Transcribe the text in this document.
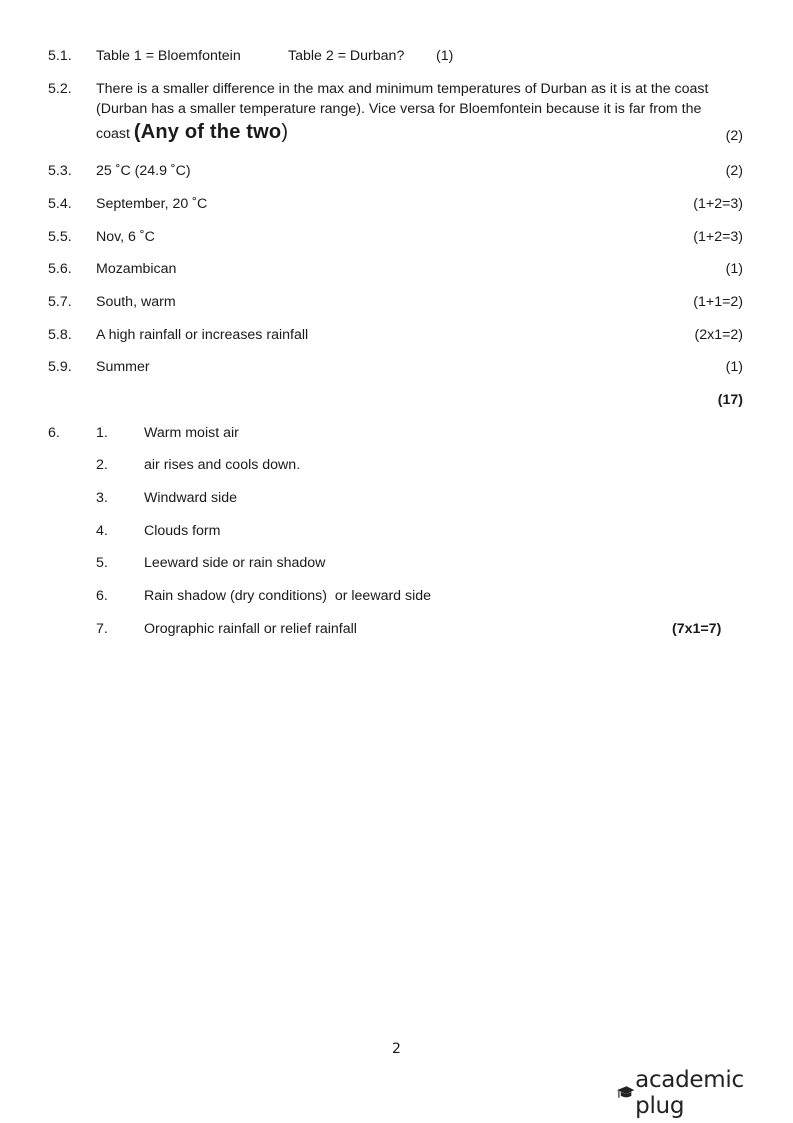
5.1. Table 1 = Bloemfontein	Table 2 = Durban? (1)
5.2. There is a smaller difference in the max and minimum temperatures of Durban as it is at the coast
(Durban has a smaller temperature range). Vice versa for Bloemfontein because it is far from the
coast (Any of the two)	(2)
5.3. 25 ˚C (24.9 ˚C)	(2)
5.4. September, 20 ˚C	(1+2=3)
5.5. Nov, 6 ˚C	(1+2=3)
5.6. Mozambican	(1)
5.7. South, warm	(1+1=2)
5.8. A high rainfall or increases rainfall	(2x1=2)
5.9. Summer	(1)
(17)
6.	1.	Warm moist air
2.	air rises and cools down.
3.	Windward side
4.	Clouds form
5.	Leeward side or rain shadow
6.	Rain shadow (dry conditions)  or leeward side
7.	Orographic rainfall or relief rainfall	(7x1=7)
2
academic plug
